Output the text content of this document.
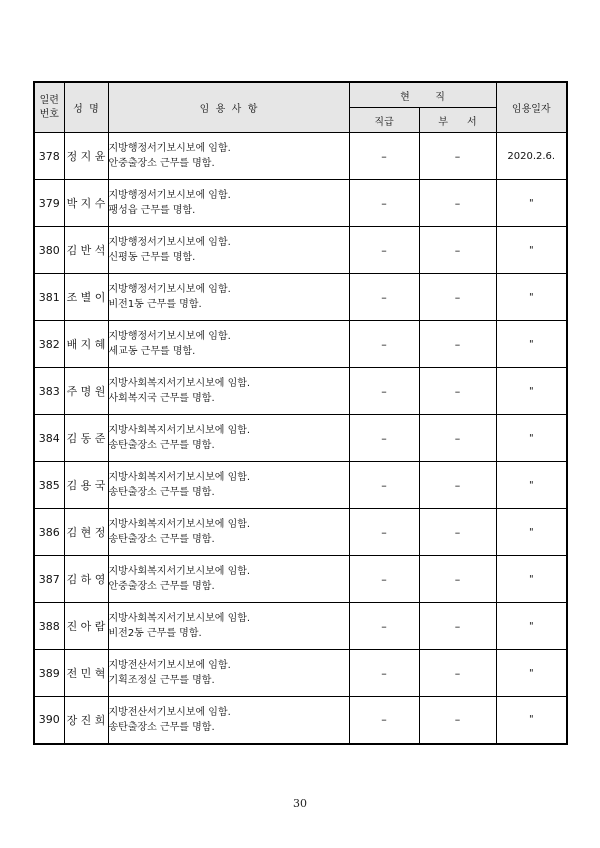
일련
번호	성  명	임  용  사  항	현        직		임용일자
			직급	부      서	
378	정 지 윤	지방행정서기보시보에 임함.
안중출장소 근무를 명함.	–	–	2020.2.6.
379	박 지 수	지방행정서기보시보에 임함.
팽성읍 근무를 명함.	–	–	"
380	김 반 석	지방행정서기보시보에 임함.
신평동 근무를 명함.	–	–	"
381	조 별 이	지방행정서기보시보에 임함.
비전1동 근무를 명함.	–	–	"
382	배 지 혜	지방행정서기보시보에 임함.
세교동 근무를 명함.	–	–	"
383	주 명 원	지방사회복지서기보시보에 임함.
사회복지국 근무를 명함.	–	–	"
384	김 동 준	지방사회복지서기보시보에 임함.
송탄출장소 근무를 명함.	–	–	"
385	김 용 국	지방사회복지서기보시보에 임함.
송탄출장소 근무를 명함.	–	–	"
386	김 현 정	지방사회복지서기보시보에 임함.
송탄출장소 근무를 명함.	–	–	"
387	김 하 영	지방사회복지서기보시보에 임함.
안중출장소 근무를 명함.	–	–	"
388	진 아 람	지방사회복지서기보시보에 임함.
비전2동 근무를 명함.	–	–	"
389	전 민 혁	지방전산서기보시보에 임함.
기획조정실 근무를 명함.	–	–	"
390	장 진 희	지방전산서기보시보에 임함.
송탄출장소 근무를 명함.	–	–	"
30
